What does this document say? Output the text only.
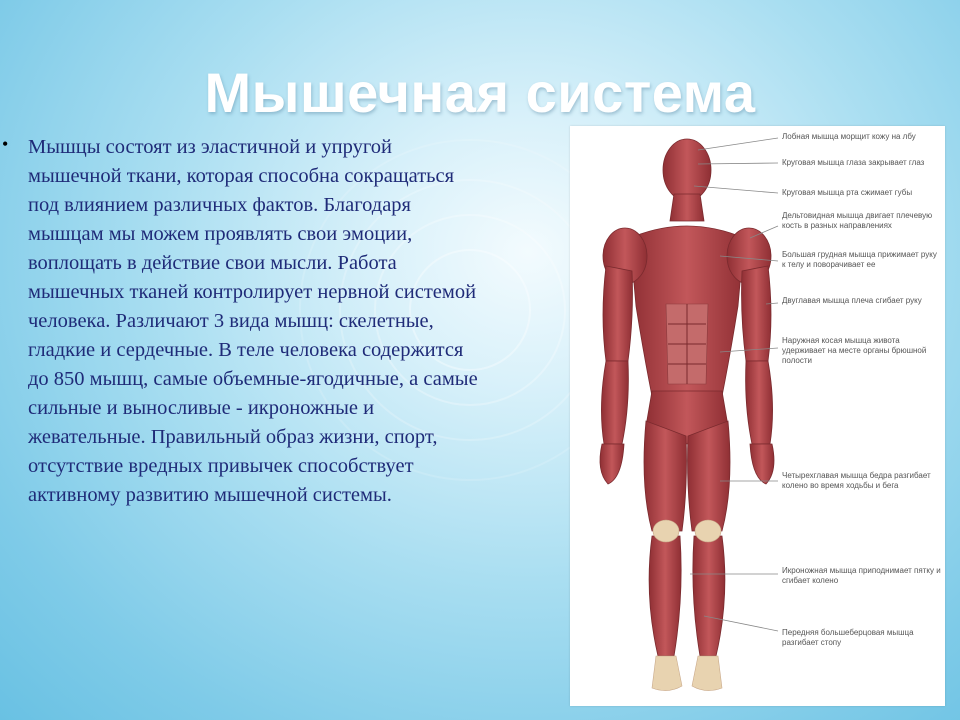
Мышечная система
• Мышцы состоят из эластичной и упругой
мышечной ткани, которая способна сокращаться
под влиянием различных фактов. Благодаря
мышцам мы можем проявлять свои эмоции,
воплощать в действие свои мысли. Работа
мышечных тканей контролирует нервной системой
человека. Различают 3 вида мышц: скелетные,
гладкие и сердечные. В теле человека содержится
до 850 мышц, самые объемные-ягодичные, а самые
сильные и выносливые - икроножные и
жевательные. Правильный образ жизни, спорт,
отсутствие вредных привычек способствует
активному развитию мышечной системы.
Лобная мышца морщит кожу на лбу
Круговая мышца глаза закрывает глаз
Круговая мышца рта сжимает губы
Дельтовидная мышца двигает плечевую кость в разных направлениях
Большая грудная мышца прижимает руку к телу и поворачивает ее
Двуглавая мышца плеча сгибает руку
Наружная косая мышца живота удерживает на месте органы брюшной полости
Четырехглавая мышца бедра разгибает колено во время ходьбы и бега
Икроножная мышца приподнимает пятку и сгибает колено
Передняя большеберцовая мышца разгибает стопу
